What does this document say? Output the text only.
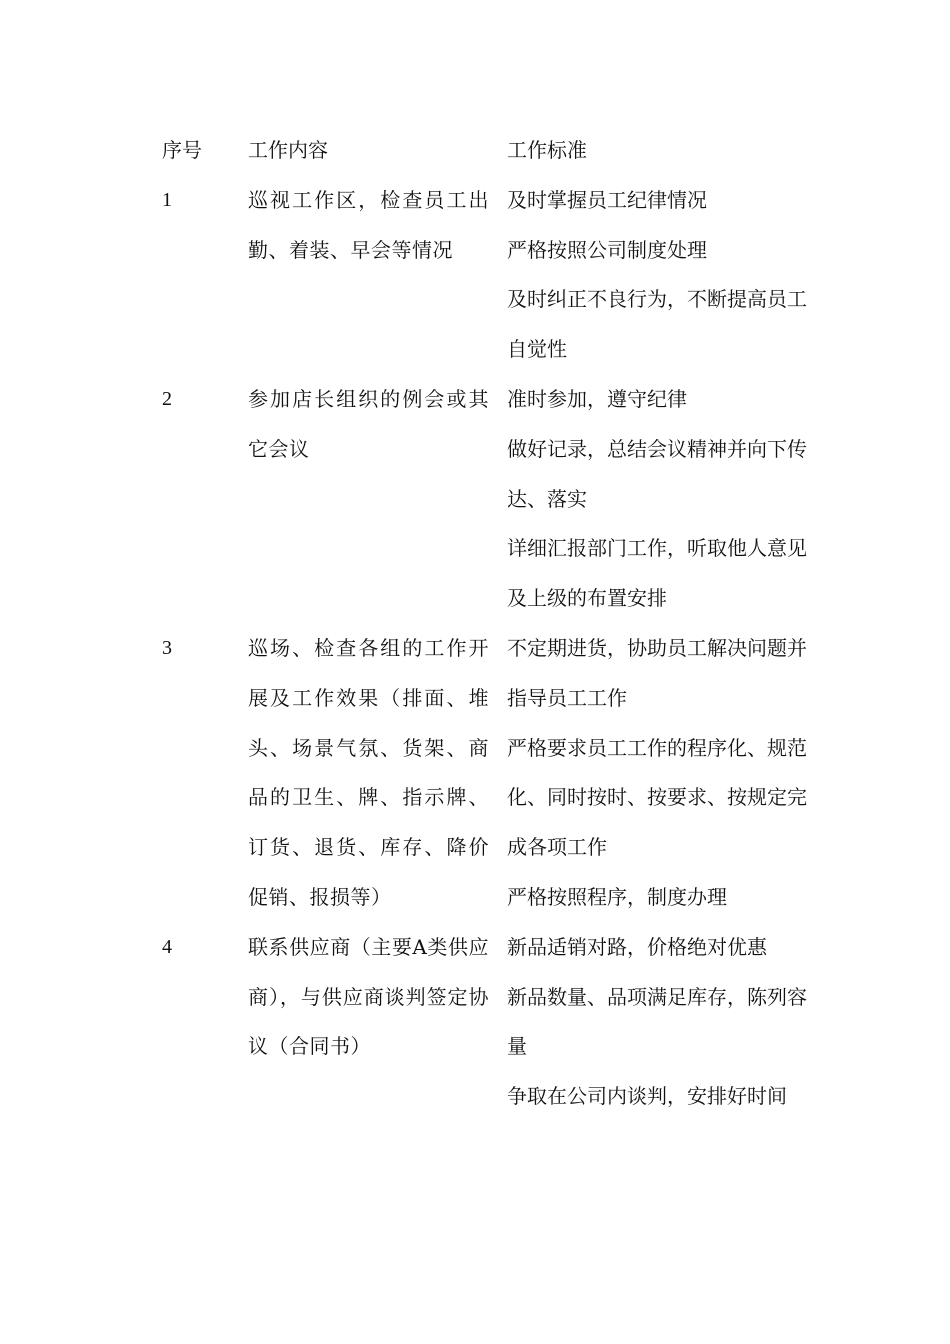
序号	工作内容	工作标准
1	巡视工作区，检查员工出勤、着装、早会等情况	及时掌握员工纪律情况
严格按照公司制度处理
及时纠正不良行为，不断提高员工自觉性

2	参加店长组织的例会或其它会议	准时参加，遵守纪律
做好记录，总结会议精神并向下传达、落实
详细汇报部门工作，听取他人意见及上级的布置安排

3	巡场、检查各组的工作开展及工作效果（排面、堆头、场景气氛、货架、商品的卫生、牌、指示牌、订货、退货、库存、降价促销、报损等）	不定期进货，协助员工解决问题并指导员工工作
严格要求员工工作的程序化、规范化、同时按时、按要求、按规定完成各项工作
严格按照程序，制度办理

4	联系供应商（主要A类供应商），与供应商谈判签定协议（合同书）	新品适销对路，价格绝对优惠
新品数量、品项满足库存，陈列容量
争取在公司内谈判，安排好时间
